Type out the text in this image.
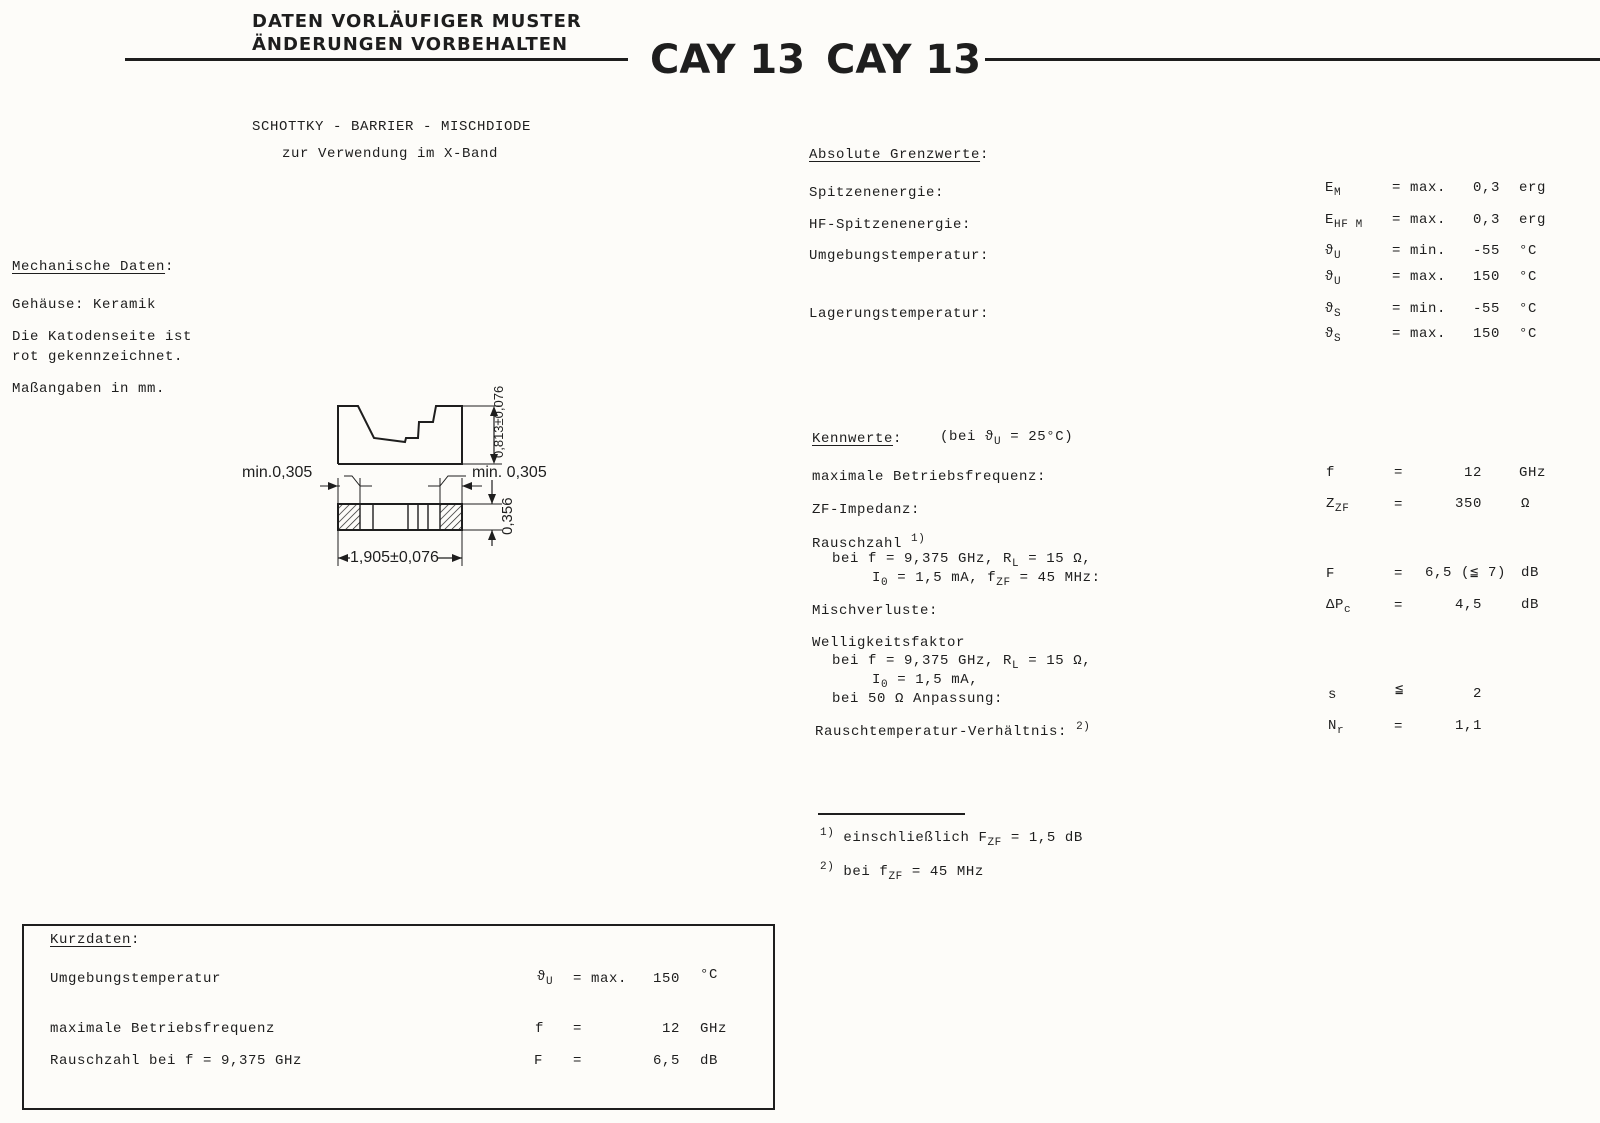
DATEN VORLÄUFIGER MUSTER
ÄNDERUNGEN VORBEHALTEN CAY 13 CAY 13
SCHOTTKY - BARRIER - MISCHDIODE
zur Verwendung im X-Band
Mechanische Daten:
Gehäuse: Keramik
Die Katodenseite ist
rot gekennzeichnet.
Maßangaben in mm.	0,813±0,076
min.0,305	min. 0,305
0,356
1,905±0,076
Absolute Grenzwerte:
Spitzenenergie:	$E_M$	= max.	0,3 erg
HF-Spitzenenergie:	$E_{HF M} = \max$.	0,3 erg
Umgebungstemperatur:	$ϑ_U$	= min.	-55 °C
$ϑ_U$	= max.	150 °C
Lagerungstemperatur:	$ϑ_S$	= min.	-55 °C
$ϑ_S$	= max.	150 °C
Kennwerte:	(bei $ϑ_U = 25^\circ C$)
maximale Betriebsfrequenz:	f	=	12	GHz
ZF-Impedanz:	$Z_{ZF}$	=	350	Ω
Rauschzahl $^{1)}$
bei f = 9,375 GHz, $R_L = 15$ Ω,
$I_0 = 1,5$ mA, $f_{ZF} = 45$ MHz:	F	= 6,5 (≦ 7) dB
Mischverluste:	$\Delta P_c$	=	4,5	dB
Welligkeitsfaktor
bei f = 9,375 GHz, $R_L = 15$ Ω,
$I_0 = 1,5$ mA,
bei 50 Ω Anpassung:	s	≦	2
Rauschtemperatur-Verhältnis: $^{2)}$	$N_r$	=	1,1
$^{1)}$ einschließlich $F_{ZF} = 1,5$ dB
$^{2)}$ bei $f_{ZF} = 45$ MHz
Kurzdaten:
Umgebungstemperatur	$ϑ_U = \max$.	150 °C
maximale Betriebsfrequenz	f =	12 GHz
Rauschzahl bei f = 9,375 GHz	F =	6,5 dB
